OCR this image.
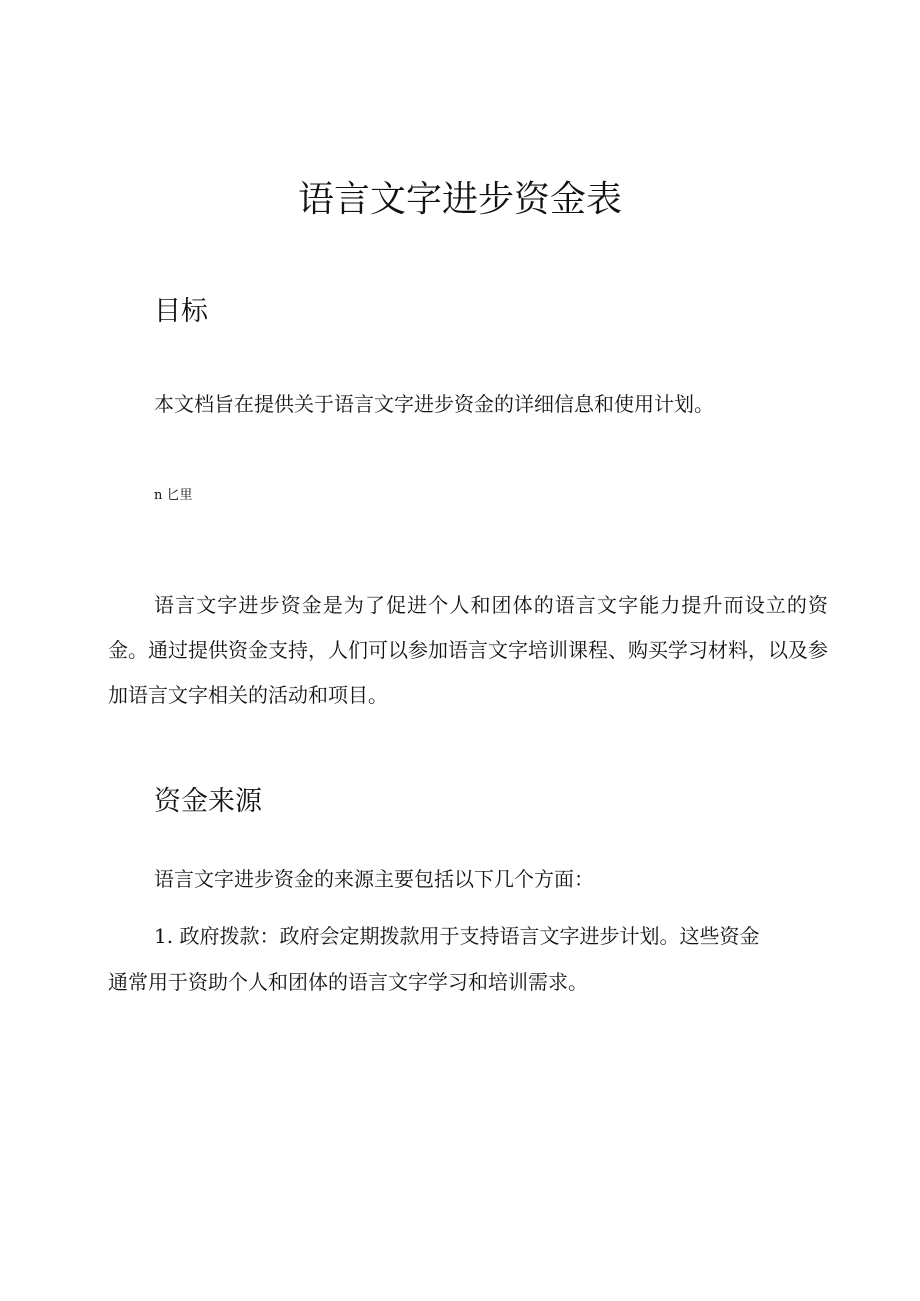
语言文字进步资金表
目标

本文档旨在提供关于语言文字进步资金的详细信息和使用计划。

n 匕里

语言文字进步资金是为了促进个人和团体的语言文字能力提升而设立的资金。通过提供资金支持，人们可以参加语言文字培训课程、购买学习材料，以及参加语言文字相关的活动和项目。

资金来源

语言文字进步资金的来源主要包括以下几个方面：

1. 政府拨款：政府会定期拨款用于支持语言文字进步计划。这些资金通常用于资助个人和团体的语言文字学习和培训需求。
